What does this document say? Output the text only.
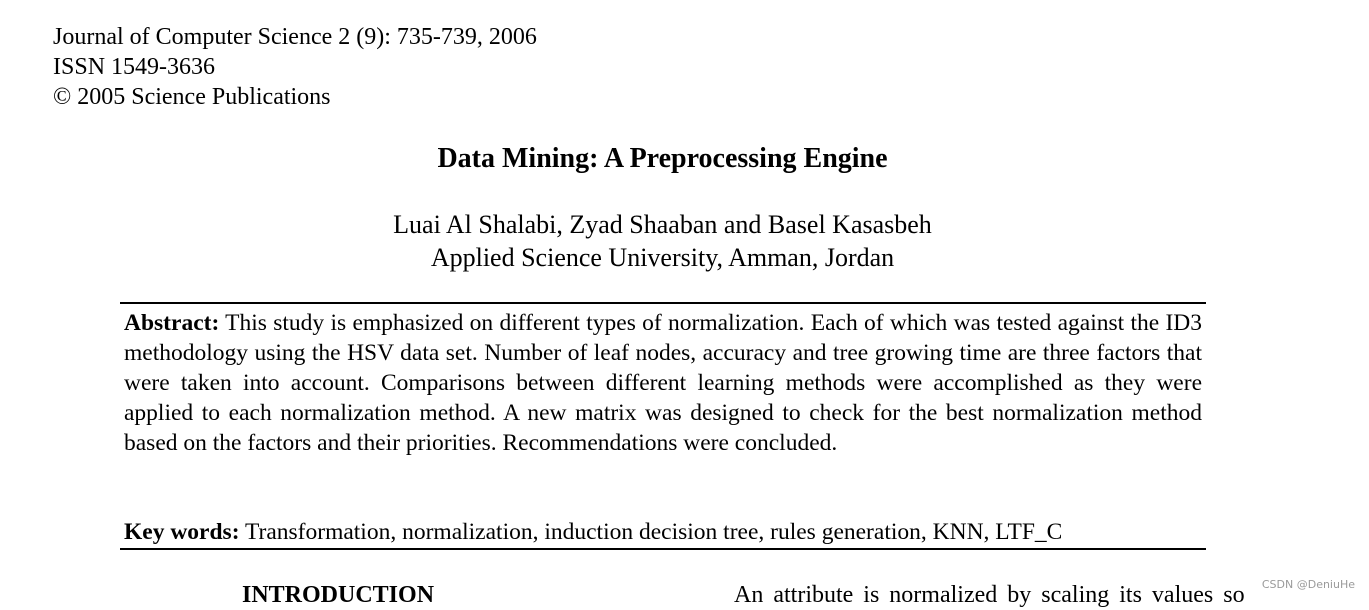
Journal of Computer Science 2 (9): 735-739, 2006
ISSN 1549-3636
© 2005 Science Publications
Data Mining: A Preprocessing Engine
Luai Al Shalabi, Zyad Shaaban and Basel Kasasbeh
Applied Science University, Amman, Jordan
Abstract: This study is emphasized on different types of normalization. Each of which was tested against the ID3 methodology using the HSV data set. Number of leaf nodes, accuracy and tree growing time are three factors that were taken into account. Comparisons between different learning methods were accomplished as they were applied to each normalization method. A new matrix was designed to check for the best normalization method based on the factors and their priorities. Recommendations were concluded.
Key words: Transformation, normalization, induction decision tree, rules generation, KNN, LTF_C
INTRODUCTION	An attribute is normalized by scaling its values so CSDN @DeniuHe
